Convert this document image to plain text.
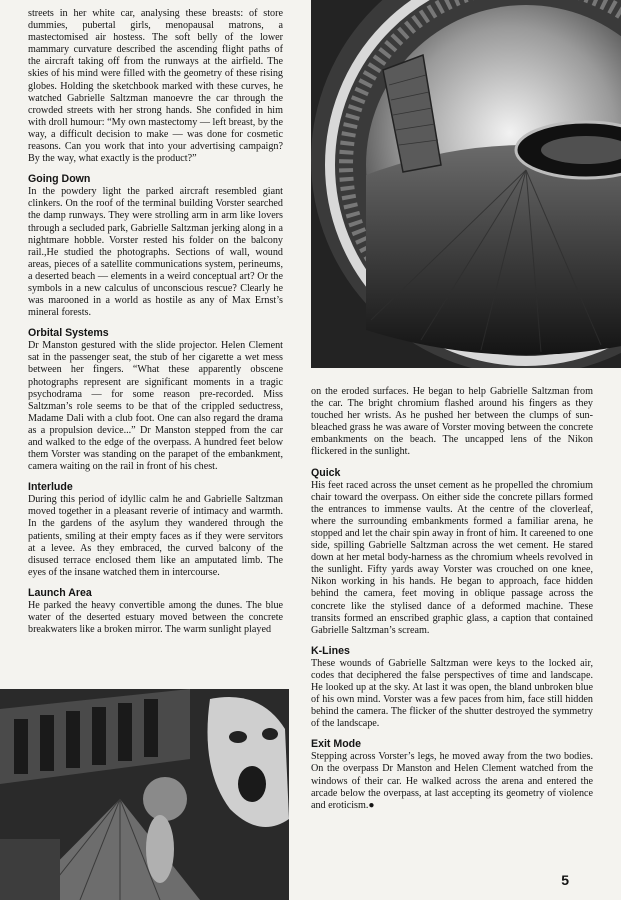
streets in her white car, analysing these breasts: of store dummies, pubertal girls, menopausal matrons, a mastectomised air hostess. The soft belly of the lower mammary curvature described the ascending flight paths of the aircraft taking off from the runways at the airfield. The skies of his mind were filled with the geometry of these rising globes. Holding the sketchbook marked with these curves, he watched Gabrielle Saltzman manoevre the car through the crowded streets with her strong hands. She confided in him with droll humour: “My own mastectomy — left breast, by the way, a difficult decision to make — was done for cosmetic reasons. Can you work that into your advertising campaign? By the way, what exactly is the product?”

Going Down

In the powdery light the parked aircraft resembled giant clinkers. On the roof of the terminal building Vorster searched the damp runways. They were strolling arm in arm like lovers through a secluded park, Gabrielle Saltzman jerking along in a nightmare hobble. Vorster rested his folder on the balcony rail.,He studied the photographs. Sections of wall, wound areas, pieces of a satellite communications system, perineums, a deserted beach — elements in a weird conceptual art? Or the symbols in a new calculus of unconscious rescue? Clearly he was marooned in a world as hostile as any of Max Ernst’s mineral forests.

Orbital Systems

Dr Manston gestured with the slide projector. Helen Clement sat in the passenger seat, the stub of her cigarette a wet mess between her fingers. “What these apparently obscene photographs represent are significant moments in a tragic psychodrama — for some reason pre-recorded. Miss Saltzman’s role seems to be that of the crippled seductress, Madame Dali with a club foot. One can also regard the drama as a propulsion device...” Dr Manston stepped from the car and walked to the edge of the overpass. A hundred feet below them Vorster was standing on the parapet of the embankment, camera waiting on the rail in front of his chest.

Interlude

During this period of idyllic calm he and Gabrielle Saltzman moved together in a pleasant reverie of intimacy and warmth. In the gardens of the asylum they wandered through the patients, smiling at their empty faces as if they were servitors at a levee. As they embraced, the curved balcony of the disused terrace enclosed them like an amputated limb. The eyes of the insane watched them in intercourse.

Launch Area

He parked the heavy convertible among the dunes. The blue water of the deserted estuary moved between the concrete breakwaters like a broken mirror. The warm sunlight played

on the eroded surfaces. He began to help Gabrielle Saltzman from the car. The bright chromium flashed around his fingers as they touched her wrists. As he pushed her between the clumps of sun-bleached grass he was aware of Vorster moving between the concrete embankments on the beach. The uncapped lens of the Nikon flickered in the sunlight.

Quick

His feet raced across the unset cement as he propelled the chromium chair toward the overpass. On either side the concrete pillars formed the entrances to immense vaults. At the centre of the cloverleaf, where the surrounding embankments formed a familiar arena, he stopped and let the chair spin away in front of him. It careened to one side, spilling Gabrielle Saltzman across the wet cement. He stared down at her metal body-harness as the chromium wheels revolved in the sunlight. Fifty yards away Vorster was crouched on one knee, Nikon working in his hands. He began to approach, face hidden behind the camera, feet moving in oblique passage across the concrete like the stylised dance of a deformed machine. These transits formed an enscribed graphic glass, a caption that contained Gabrielle Saltzman’s scream.

K-Lines

These wounds of Gabrielle Saltzman were keys to the locked air, codes that deciphered the false perspectives of time and landscape. He looked up at the sky. At last it was open, the bland unbroken blue of his own mind. Vorster was a few paces from him, face still hidden behind the camera. The flicker of the shutter destroyed the symmetry of the landscape.

Exit Mode

Stepping across Vorster’s legs, he moved away from the two bodies. On the overpass Dr Manston and Helen Clement watched from the windows of their car. He walked across the arena and entered the arcade below the overpass, at last accepting its geometry of violence and eroticism.●

5
